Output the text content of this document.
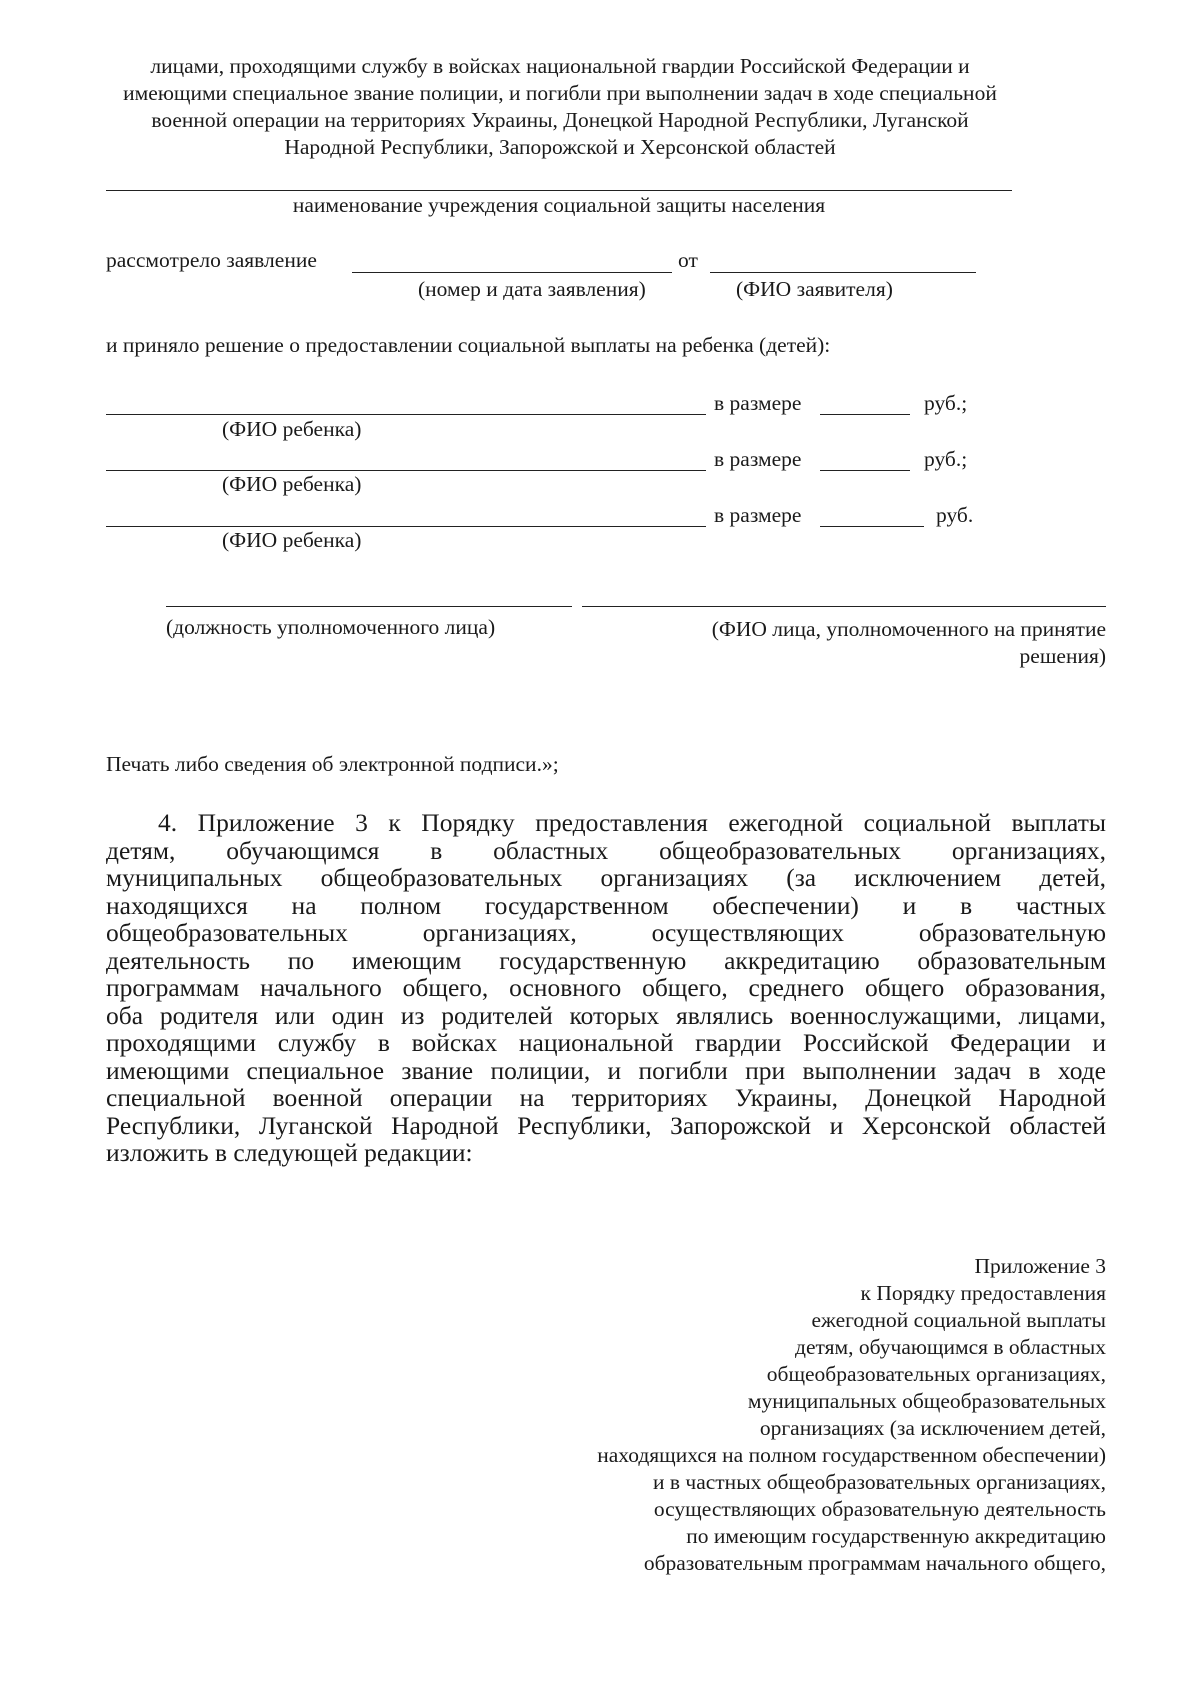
лицами, проходящими службу в войсках национальной гвардии Российской Федерации и
имеющими специальное звание полиции, и погибли при выполнении задач в ходе специальной
военной операции на территориях Украины, Донецкой Народной Республики, Луганской
Народной Республики, Запорожской и Херсонской областей
наименование учреждения социальной защиты населения
рассмотрело заявление	от
(номер и дата заявления)	(ФИО заявителя)
и приняло решение о предоставлении социальной выплаты на ребенка (детей):
в размере	руб.;
(ФИО ребенка)
в размере	руб.;
(ФИО ребенка)
в размере	руб.
(ФИО ребенка)
(должность уполномоченного лица)	(ФИО лица, уполномоченного на принятие
решения)
Печать либо сведения об электронной подписи.»;
4. Приложение 3 к Порядку предоставления ежегодной социальной выплаты
детям, обучающимся в областных общеобразовательных организациях,
муниципальных общеобразовательных организациях (за исключением детей,
находящихся на полном государственном обеспечении) и в частных
общеобразовательных организациях, осуществляющих образовательную
деятельность по имеющим государственную аккредитацию образовательным
программам начального общего, основного общего, среднего общего образования,
оба родителя или один из родителей которых являлись военнослужащими, лицами,
проходящими службу в войсках национальной гвардии Российской Федерации и
имеющими специальное звание полиции, и погибли при выполнении задач в ходе
специальной военной операции на территориях Украины, Донецкой Народной
Республики, Луганской Народной Республики, Запорожской и Херсонской областей
изложить в следующей редакции:
Приложение 3
к Порядку предоставления
ежегодной социальной выплаты
детям, обучающимся в областных
общеобразовательных организациях,
муниципальных общеобразовательных
организациях (за исключением детей,
находящихся на полном государственном обеспечении)
и в частных общеобразовательных организациях,
осуществляющих образовательную деятельность
по имеющим государственную аккредитацию
образовательным программам начального общего,
